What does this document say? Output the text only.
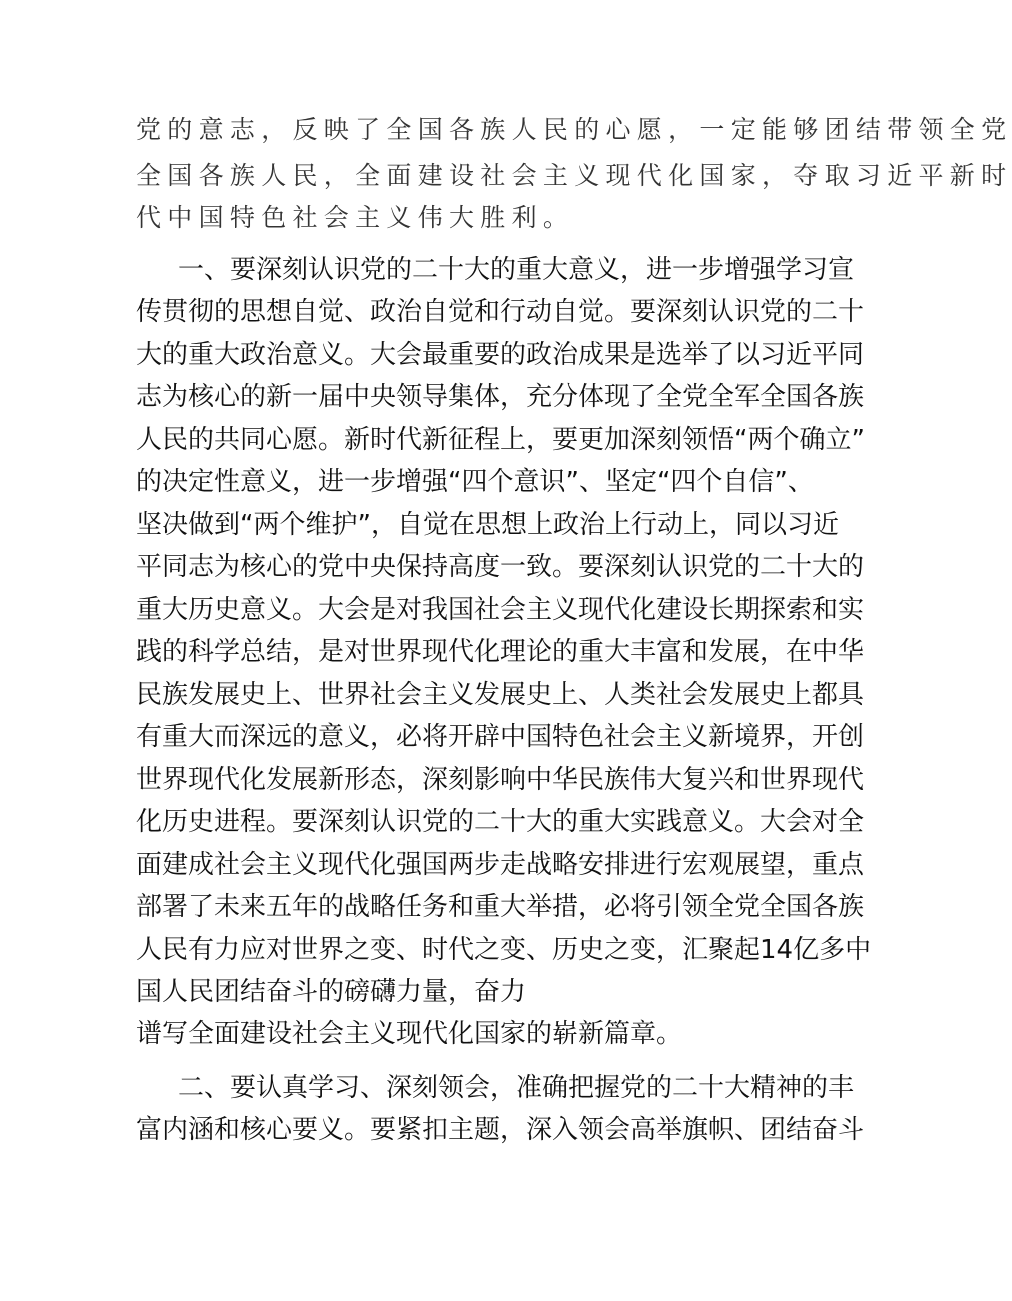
党的意志，反映了全国各族人民的心愿，一定能够团结带领全党
全国各族人民，全面建设社会主义现代化国家，夺取习近平新时
代中国特色社会主义伟大胜利。
一、要深刻认识党的二十大的重大意义，进一步增强学习宣
传贯彻的思想自觉、政治自觉和行动自觉。要深刻认识党的二十
大的重大政治意义。大会最重要的政治成果是选举了以习近平同
志为核心的新一届中央领导集体，充分体现了全党全军全国各族
人民的共同心愿。新时代新征程上，要更加深刻领悟“两个确立”
的决定性意义，进一步增强“四个意识”、坚定“四个自信”、
坚决做到“两个维护”，自觉在思想上政治上行动上，同以习近
平同志为核心的党中央保持高度一致。要深刻认识党的二十大的
重大历史意义。大会是对我国社会主义现代化建设长期探索和实
践的科学总结，是对世界现代化理论的重大丰富和发展，在中华
民族发展史上、世界社会主义发展史上、人类社会发展史上都具
有重大而深远的意义，必将开辟中国特色社会主义新境界，开创
世界现代化发展新形态，深刻影响中华民族伟大复兴和世界现代
化历史进程。要深刻认识党的二十大的重大实践意义。大会对全
面建成社会主义现代化强国两步走战略安排进行宏观展望，重点
部署了未来五年的战略任务和重大举措，必将引领全党全国各族
人民有力应对世界之变、时代之变、历史之变，汇聚起14亿多中
国人民团结奋斗的磅礴力量，奋力
谱写全面建设社会主义现代化国家的崭新篇章。
二、要认真学习、深刻领会，准确把握党的二十大精神的丰
富内涵和核心要义。要紧扣主题，深入领会高举旗帜、团结奋斗
